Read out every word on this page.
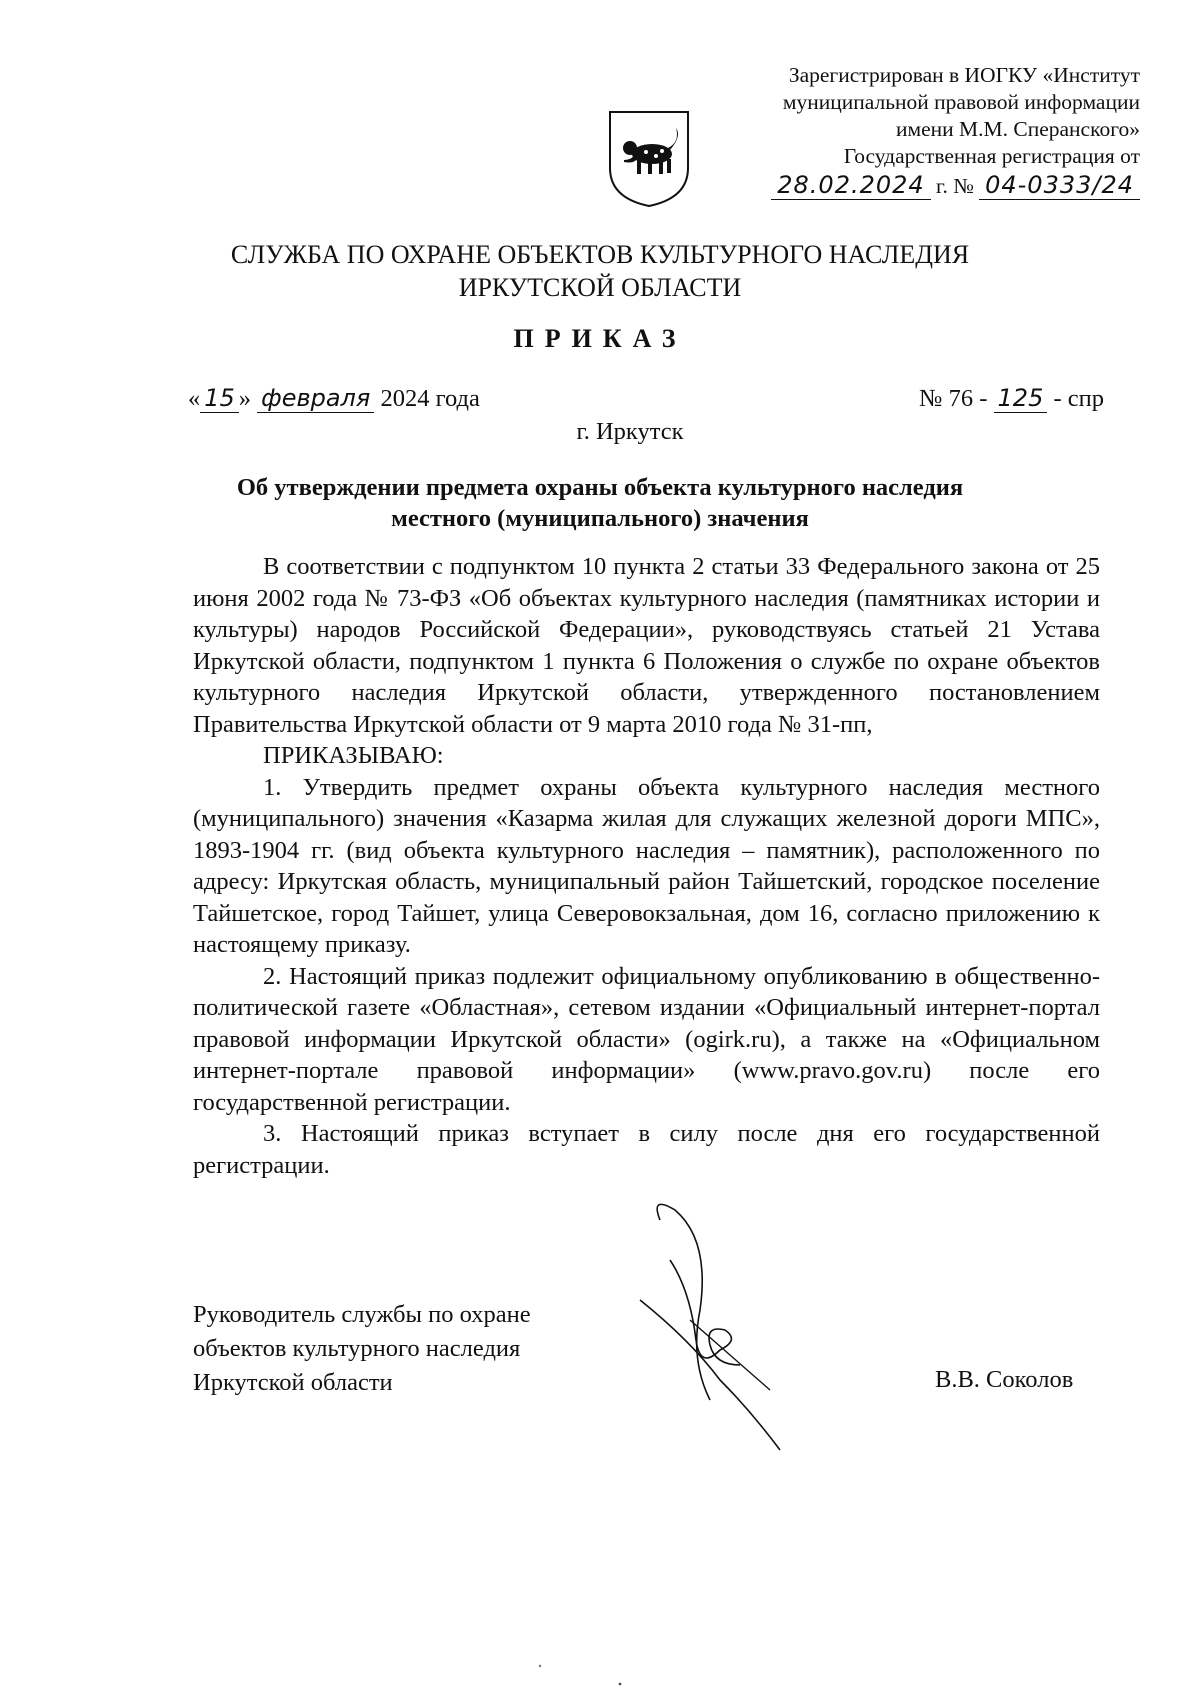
Зарегистрирован в ИОГКУ «Институт
муниципальной правовой информации
имени М.М. Сперанского»
Государственная регистрация от
28.02.2024 г. № 04-0333/24
СЛУЖБА ПО ОХРАНЕ ОБЪЕКТОВ КУЛЬТУРНОГО НАСЛЕДИЯ
ИРКУТСКОЙ ОБЛАСТИ
ПРИКАЗ
« 15 » февраля 2024 года	№ 76 - 125 - спр
г. Иркутск
Об утверждении предмета охраны объекта культурного наследия
местного (муниципального) значения

В соответствии с подпунктом 10 пункта 2 статьи 33 Федерального закона от 25 июня 2002 года № 73-ФЗ «Об объектах культурного наследия (памятниках истории и культуры) народов Российской Федерации», руководствуясь статьей 21 Устава Иркутской области, подпунктом 1 пункта 6 Положения о службе по охране объектов культурного наследия Иркутской области, утвержденного постановлением Правительства Иркутской области от 9 марта 2010 года № 31-пп,

ПРИКАЗЫВАЮ:

1. Утвердить предмет охраны объекта культурного наследия местного (муниципального) значения «Казарма жилая для служащих железной дороги МПС», 1893-1904 гг. (вид объекта культурного наследия – памятник), расположенного по адресу: Иркутская область, муниципальный район Тайшетский, городское поселение Тайшетское, город Тайшет, улица Северовокзальная, дом 16, согласно приложению к настоящему приказу.

2. Настоящий приказ подлежит официальному опубликованию в общественно-политической газете «Областная», сетевом издании «Официальный интернет-портал правовой информации Иркутской области» (ogirk.ru), а также на «Официальном интернет-портале правовой информации» (www.pravo.gov.ru) после его государственной регистрации.

3. Настоящий приказ вступает в силу после дня его государственной регистрации.

Руководитель службы по охране
объектов культурного наследия
Иркутской области	В.В. Соколов
